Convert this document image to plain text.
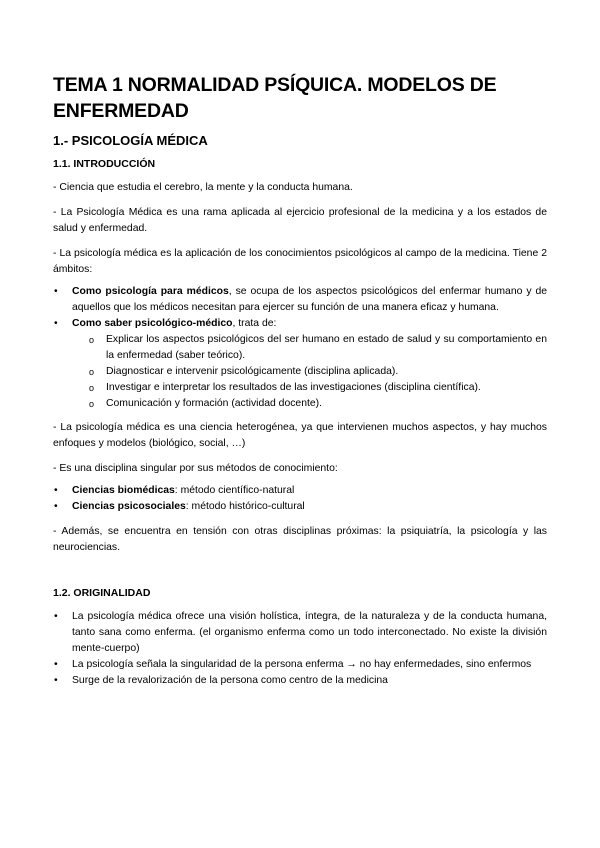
TEMA 1 NORMALIDAD PSÍQUICA. MODELOS DE ENFERMEDAD
1.- PSICOLOGÍA MÉDICA
1.1. INTRODUCCIÓN

- Ciencia que estudia el cerebro, la mente y la conducta humana.

- La Psicología Médica es una rama aplicada al ejercicio profesional de la medicina y a los estados de salud y enfermedad.

- La psicología médica es la aplicación de los conocimientos psicológicos al campo de la medicina. Tiene 2 ámbitos:

• Como psicología para médicos, se ocupa de los aspectos psicológicos del enfermar humano y de aquellos que los médicos necesitan para ejercer su función de una manera eficaz y humana.
• Como saber psicológico-médico, trata de:
o Explicar los aspectos psicológicos del ser humano en estado de salud y su comportamiento en la enfermedad (saber teórico).
o Diagnosticar e intervenir psicológicamente (disciplina aplicada).
o Investigar e interpretar los resultados de las investigaciones (disciplina científica).
o Comunicación y formación (actividad docente).

- La psicología médica es una ciencia heterogénea, ya que intervienen muchos aspectos, y hay muchos enfoques y modelos (biológico, social, …)

- Es una disciplina singular por sus métodos de conocimiento:

• Ciencias biomédicas: método científico-natural
• Ciencias psicosociales: método histórico-cultural

- Además, se encuentra en tensión con otras disciplinas próximas: la psiquiatría, la psicología y las neurociencias.

1.2. ORIGINALIDAD
• La psicología médica ofrece una visión holística, íntegra, de la naturaleza y de la conducta humana, tanto sana como enferma. (el organismo enferma como un todo interconectado. No existe la división mente-cuerpo)
• La psicología señala la singularidad de la persona enferma → no hay enfermedades, sino enfermos
• Surge de la revalorización de la persona como centro de la medicina
